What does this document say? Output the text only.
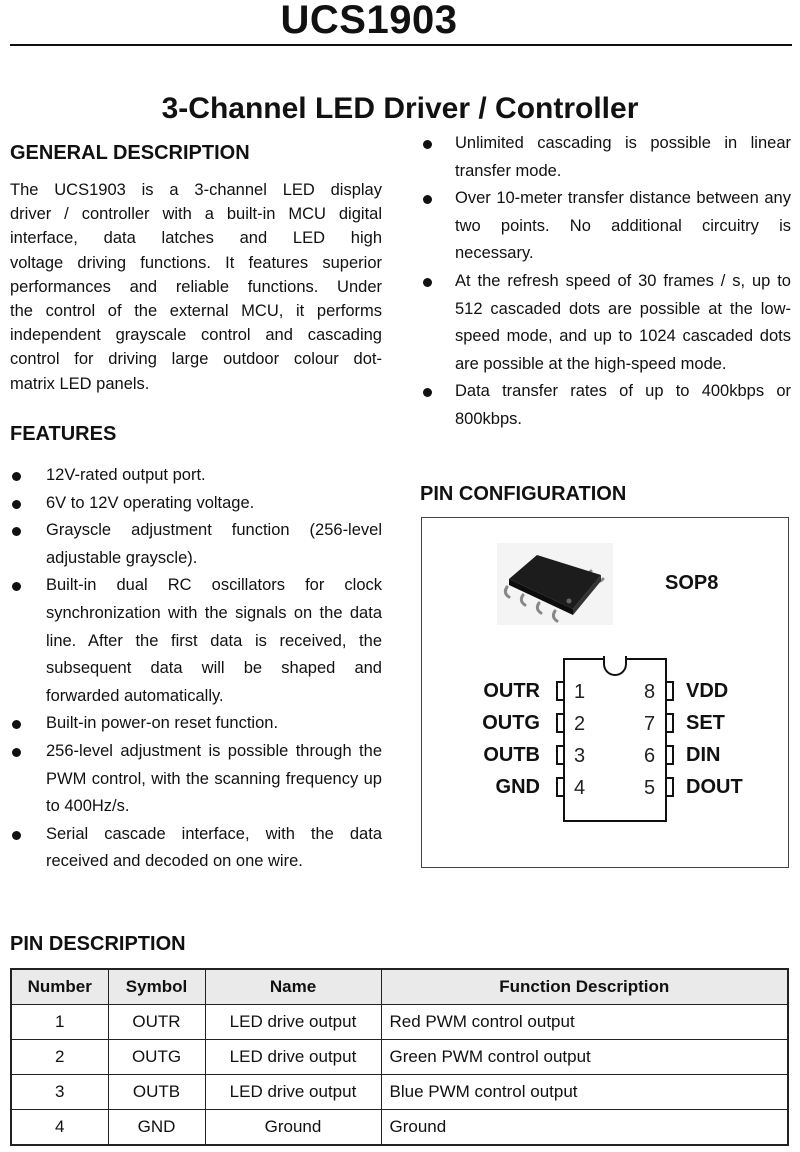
UCS1903
3-Channel LED Driver / Controller
GENERAL DESCRIPTION
The UCS1903 is a 3-channel LED display
driver / controller with a built-in MCU digital
interface, data latches and LED high
voltage driving functions. It features superior
performances and reliable functions. Under
the control of the external MCU, it performs
independent grayscale control and cascading
control for driving large outdoor colour dot-
matrix LED panels.
FEATURES
12V-rated output port.
6V to 12V operating voltage.
Grayscle adjustment function (256-level adjustable grayscle).
Built-in dual RC oscillators for clock synchronization with the signals on the data line. After the first data is received, the subsequent data will be shaped and forwarded automatically.
Built-in power-on reset function.
256-level adjustment is possible through the PWM control, with the scanning frequency up to 400Hz/s.
Serial cascade interface, with the data received and decoded on one wire.
Unlimited cascading is possible in linear transfer mode.
Over 10-meter transfer distance between any two points. No additional circuitry is necessary.
At the refresh speed of 30 frames / s, up to 512 cascaded dots are possible at the low-speed mode, and up to 1024 cascaded dots are possible at the high-speed mode.
Data transfer rates of up to 400kbps or 800kbps.
PIN CONFIGURATION
SOP8
OUTR 1
OUTG 2
OUTB 3
GND 4
8 VDD
7 SET
6 DIN
5 DOUT
PIN DESCRIPTION
Number	Symbol	Name	Function Description
1	OUTR	LED drive output	Red PWM control output
2	OUTG	LED drive output	Green PWM control output
3	OUTB	LED drive output	Blue PWM control output
4	GND	Ground	Ground
